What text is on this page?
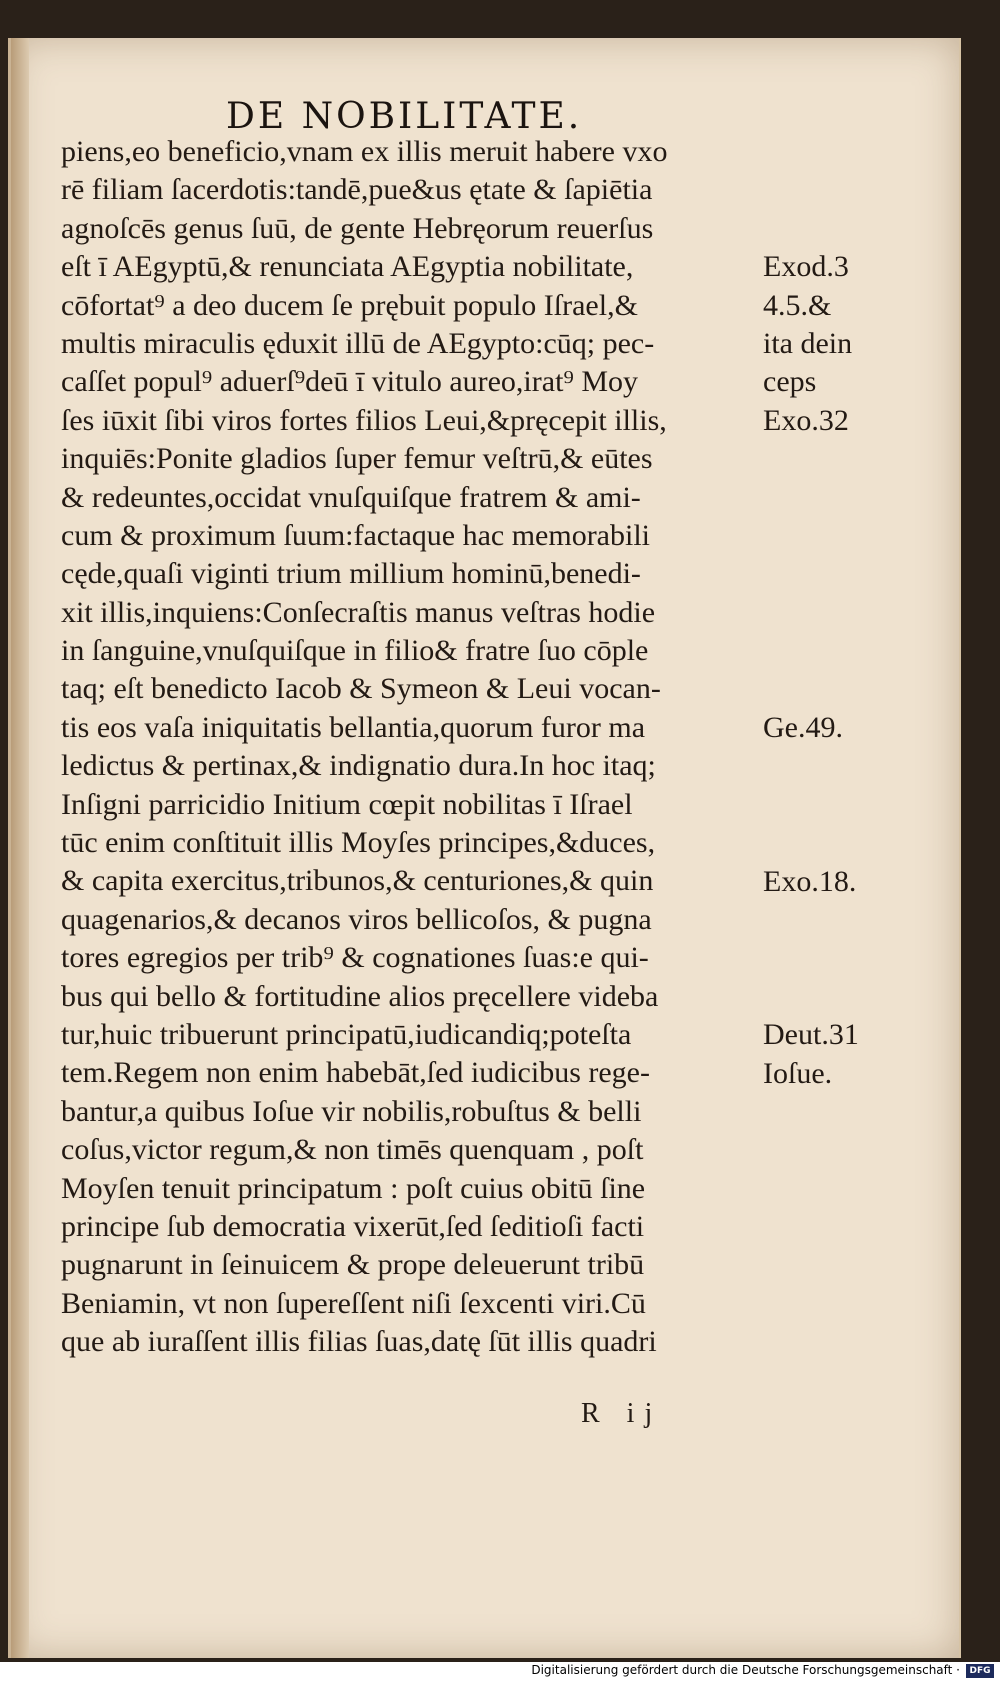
DE NOBILITATE.
piens,eo beneficio,vnam ex illis meruit habere vxo
rē filiam ſacerdotis:tandē,pue&us ętate & ſapiētia
agnoſcēs genus ſuū, de gente Hebręorum reuerſus
eſt ī AEgyptū,& renunciata AEgyptia nobilitate,
cōfortat⁹ a deo ducem ſe prębuit populo Iſrael,&
multis miraculis ęduxit illū de AEgypto:cūq; pec-
caſſet popul⁹ aduerſ⁹deū ī vitulo aureo,irat⁹ Moy
ſes iūxit ſibi viros fortes filios Leui,&pręcepit illis,
inquiēs:Ponite gladios ſuper femur veſtrū,& eūtes
& redeuntes,occidat vnuſquiſque fratrem & ami-
cum & proximum ſuum:factaque hac memorabili
cęde,quaſi viginti trium millium hominū,benedi-
xit illis,inquiens:Conſecraſtis manus veſtras hodie
in ſanguine,vnuſquiſque in filio& fratre ſuo cōple
taq; eſt benedicto Iacob & Symeon & Leui vocan-
tis eos vaſa iniquitatis bellantia,quorum furor ma
ledictus & pertinax,& indignatio dura.In hoc itaq;
Inſigni parricidio Initium cœpit nobilitas ī Iſrael
tūc enim conſtituit illis Moyſes principes,&duces,
& capita exercitus,tribunos,& centuriones,& quin
quagenarios,& decanos viros bellicoſos, & pugna
tores egregios per trib⁹ & cognationes ſuas:e qui-
bus qui bello & fortitudine alios pręcellere videba
tur,huic tribuerunt principatū,iudicandiq;poteſta
tem.Regem non enim habebāt,ſed iudicibus rege-
bantur,a quibus Ioſue vir nobilis,robuſtus & belli
coſus,victor regum,& non timēs quenquam , poſt
Moyſen tenuit principatum : poſt cuius obitū ſine
principe ſub democratia vixerūt,ſed ſeditioſi facti
pugnarunt in ſeinuicem & prope deleuerunt tribū
Beniamin, vt non ſupereſſent niſi ſexcenti viri.Cū
que ab iuraſſent illis filias ſuas,datę ſūt illis quadri
Exod.3
4.5.&
ita dein
ceps
Exo.32
Ge.49.
Exo.18.
Deut.31
Ioſue.
R ij
Digitalisierung gefördert durch die Deutsche Forschungsgemeinschaft ·	DFG
